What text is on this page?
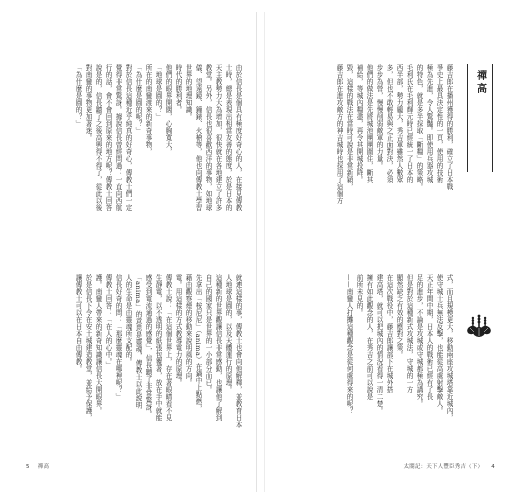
由於信長是個具有極度好奇心的人，在接見傳教
士時，總是表現出相當友善的態度，於是日本的
天主教勢力大為增加，很快就在各地建立了許多
教堂。另外，信長也很喜歡西洋的事物，如地球
儀、望遠鏡、鐘錶、火槍等，他也向傳教士學習
世界的地理知識。
時代的勝利者。
他們的眼界開闊，心胸寬大，
「地球是圓的？」
所在的南蠻渡來的新奇事物，
「為什麼是圓的呢？」
對於信長這種近乎純真的好奇心，傳教士們一定
覺得非常驚訝。據說信長曾經問過：一直向西航
行的話，會不會回到原來的地方呢？傳教士回答
說是的，信長聽了之後高興得不得了，從此以後
對南蠻的事物更加著迷。
「為什麼是圓的？」
就連這樣的事，傳教士也會向他解釋，並教育日本
人地球是圓的，以及天體運行的原理。
這種新的世界觀讓信長非常感動，也讓他了解到
自己的國家只是世界的一小部分而已。
先拿出「桉尼尼」（anima）在鍋中上點燃，
藉由觀察煙的移動來說明風的方向。
電。用這樣的方式教導電力的原理。
傳教士說：「在這個世界上，存在著眼睛看不見
生靜電，以不透明的紙張包覆著，放在手中就能
感受到電流通過的感覺」，信長聽了非常驚訝。
「anima」的意思是靈魂，傳教士以此說明
人的生命是由靈魂所支配的。
信長好奇的問：「那麼靈魂在哪裡呢？」
傳教士回答：「在人的心中。」
護。南蠻人帶來的新奇知識讓信長大開眼界。
於是信長下令在安土城建造教堂，並給予保護，
讓傳教士可以在日本自由傳教。
5 禪高
禪高
藤吉郎在播州獲得的勝利，確立了日本戰
爭史上最具決定性的一頁，使用的技術
極為先進，令人驚豔。即使用兵器攻城
的特色，就是多半採取「斷糧」的策略。
毛利氏在毛利輝元時已經統一了日本的
西半部，勢力龐大，秀吉軍雖然人數眾
多，但也不敢輕易與之正面對決，必須
步步為營，慢慢削弱敵軍的力量。
他們的做法是先將城池團團圍住，斷其
補給，等城內糧盡，再令其開城投降。
毀，這樣的戰法在當時可說是非常新穎，
藤吉郎在進攻敵方的神吉城時也採用了這個方
式，而且規模更大，移動兩座攻城塔靠近城內，
使守城士兵無法反擊，也能從高處射擊敵人。
天正年間中期，日本人的戰術已經有了長
足的進步，不論是攻城或守城都極為講究。
但是對於這種新式攻城法，守城的一方
顯然缺乏有效的應對之策。
在這次戰役中，藤吉郎讓部下在城外搭
建高塔，就可以把城內的情況看得一清二楚。
擁有如此觀念的人，在秀吉之前可以說是
前所未見的。
——南蠻人打攤這種觀念是從何處得來的呢？
太閤記：天下人豐臣秀吉（下） 4
